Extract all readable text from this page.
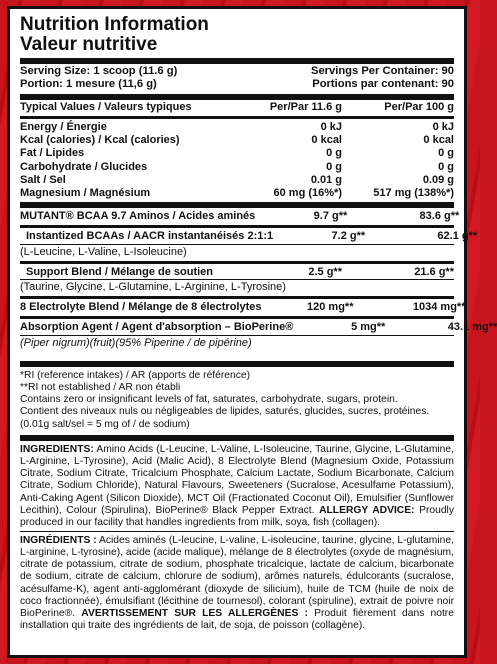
Nutrition Information
Valeur nutritive
Serving Size: 1 scoop (11.6 g)	Servings Per Container: 90
Portion: 1 mesure (11,6 g)	Portions par contenant: 90
Typical Values / Valeurs typiques	Per/Par 11.6 g	Per/Par 100 g
Energy / Énergie	0 kJ	0 kJ
Kcal (calories) / Kcal (calories)	0 kcal	0 kcal
Fat / Lipides	0 g	0 g
Carbohydrate / Glucides	0 g	0 g
Salt / Sel	0.01 g	0.09 g
Magnesium / Magnésium	60 mg (16%*)	517 mg (138%*)
MUTANT® BCAA 9.7 Aminos / Acides aminés	9.7 g**	83.6 g**
Instantized BCAAs / AACR instantanéisés 2:1:1	7.2 g**	62.1 g**
(L-Leucine, L-Valine, L-Isoleucine)
Support Blend / Mélange de soutien	2.5 g**	21.6 g**
(Taurine, Glycine, L-Glutamine, L-Arginine, L-Tyrosine)
8 Electrolyte Blend / Mélange de 8 électrolytes	120 mg**	1034 mg**
Absorption Agent / Agent d'absorption – BioPerine®	5 mg**	43.1 mg**
(Piper nigrum)(fruit)(95% Piperine / de pipérine)
*RI (reference intakes) / AR (apports de référence)
**RI not established / AR non établi
Contains zero or insignificant levels of fat, saturates, carbohydrate, sugars, protein.
Contient des niveaux nuls ou négligeables de lipides, saturés, glucides, sucres, protéines.
(0.01g salt/sel = 5 mg of / de sodium)
INGREDIENTS: Amino Acids (L-Leucine, L-Valine, L-Isoleucine, Taurine, Glycine, L-Glutamine, L-Arginine, L-Tyrosine), Acid (Malic Acid), 8 Electrolyte Blend (Magnesium Oxide, Potassium Citrate, Sodium Citrate, Tricalcium Phosphate, Calcium Lactate, Sodium Bicarbonate, Calcium Citrate, Sodium Chloride), Natural Flavours, Sweeteners (Sucralose, Acesulfame Potassium), Anti-Caking Agent (Silicon Dioxide), MCT Oil (Fractionated Coconut Oil), Emulsifier (Sunflower Lecithin), Colour (Spirulina), BioPerine® Black Pepper Extract. ALLERGY ADVICE: Proudly produced in our facility that handles ingredients from milk, soya, fish (collagen).
INGRÉDIENTS : Acides aminés (L-leucine, L-valine, L-isoleucine, taurine, glycine, L-glutamine, L-arginine, L-tyrosine), acide (acide malique), mélange de 8 électrolytes (oxyde de magnésium, citrate de potassium, citrate de sodium, phosphate tricalcique, lactate de calcium, bicarbonate de sodium, citrate de calcium, chlorure de sodium), arômes naturels, édulcorants (sucralose, acésulfame-K), agent anti-agglomérant (dioxyde de silicium), huile de TCM (huile de noix de coco fractionnée), émulsifiant (lécithine de tournesol), colorant (spiruline), extrait de poivre noir BioPerine®. AVERTISSEMENT SUR LES ALLERGÈNES : Produit fièrement dans notre installation qui traite des ingrédients de lait, de soja, de poisson (collagène).
